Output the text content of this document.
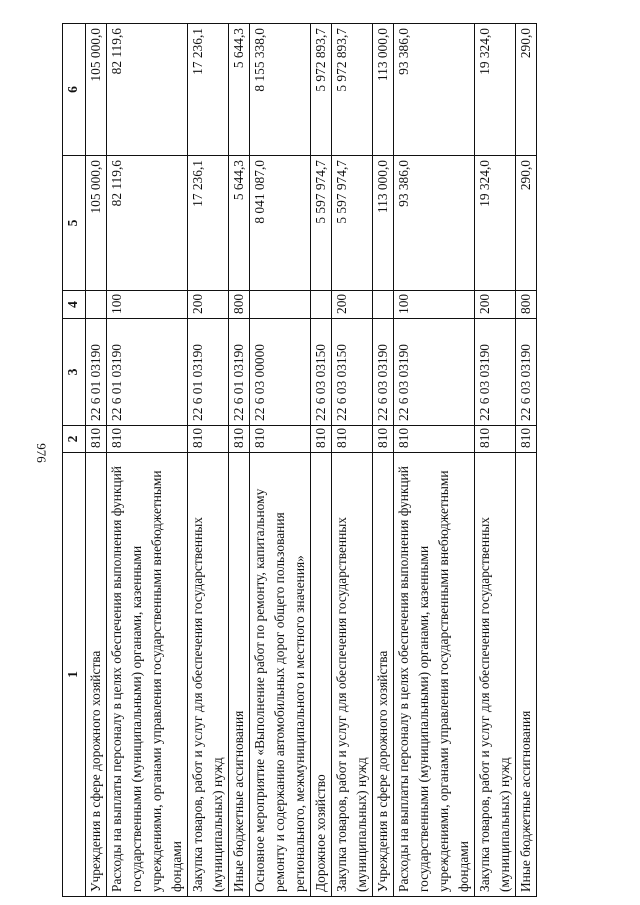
976
1	2	3	4	5	6
Учреждения в сфере дорожного хозяйства	810	22 6 01 03190		105 000,0	105 000,0
Расходы на выплаты персоналу в целях обеспечения выполнения функций государственными (муниципальными) органами, казенными учреждениями, органами управления государственными внебюджетными фондами	810	22 6 01 03190	100	82 119,6	82 119,6
Закупка товаров, работ и услуг для обеспечения государственных (муниципальных) нужд	810	22 6 01 03190	200	17 236,1	17 236,1
Иные бюджетные ассигнования	810	22 6 01 03190	800	5 644,3	5 644,3
Основное мероприятие «Выполнение работ по ремонту, капитальному ремонту и содержанию автомобильных дорог общего пользования регионального, межмуниципального и местного значения»	810	22 6 03 00000		8 041 087,0	8 155 338,0
Дорожное хозяйство	810	22 6 03 03150		5 597 974,7	5 972 893,7
Закупка товаров, работ и услуг для обеспечения государственных (муниципальных) нужд	810	22 6 03 03150	200	5 597 974,7	5 972 893,7
Учреждения в сфере дорожного хозяйства	810	22 6 03 03190		113 000,0	113 000,0
Расходы на выплаты персоналу в целях обеспечения выполнения функций государственными (муниципальными) органами, казенными учреждениями, органами управления государственными внебюджетными фондами	810	22 6 03 03190	100	93 386,0	93 386,0
Закупка товаров, работ и услуг для обеспечения государственных (муниципальных) нужд	810	22 6 03 03190	200	19 324,0	19 324,0
Иные бюджетные ассигнования	810	22 6 03 03190	800	290,0	290,0
